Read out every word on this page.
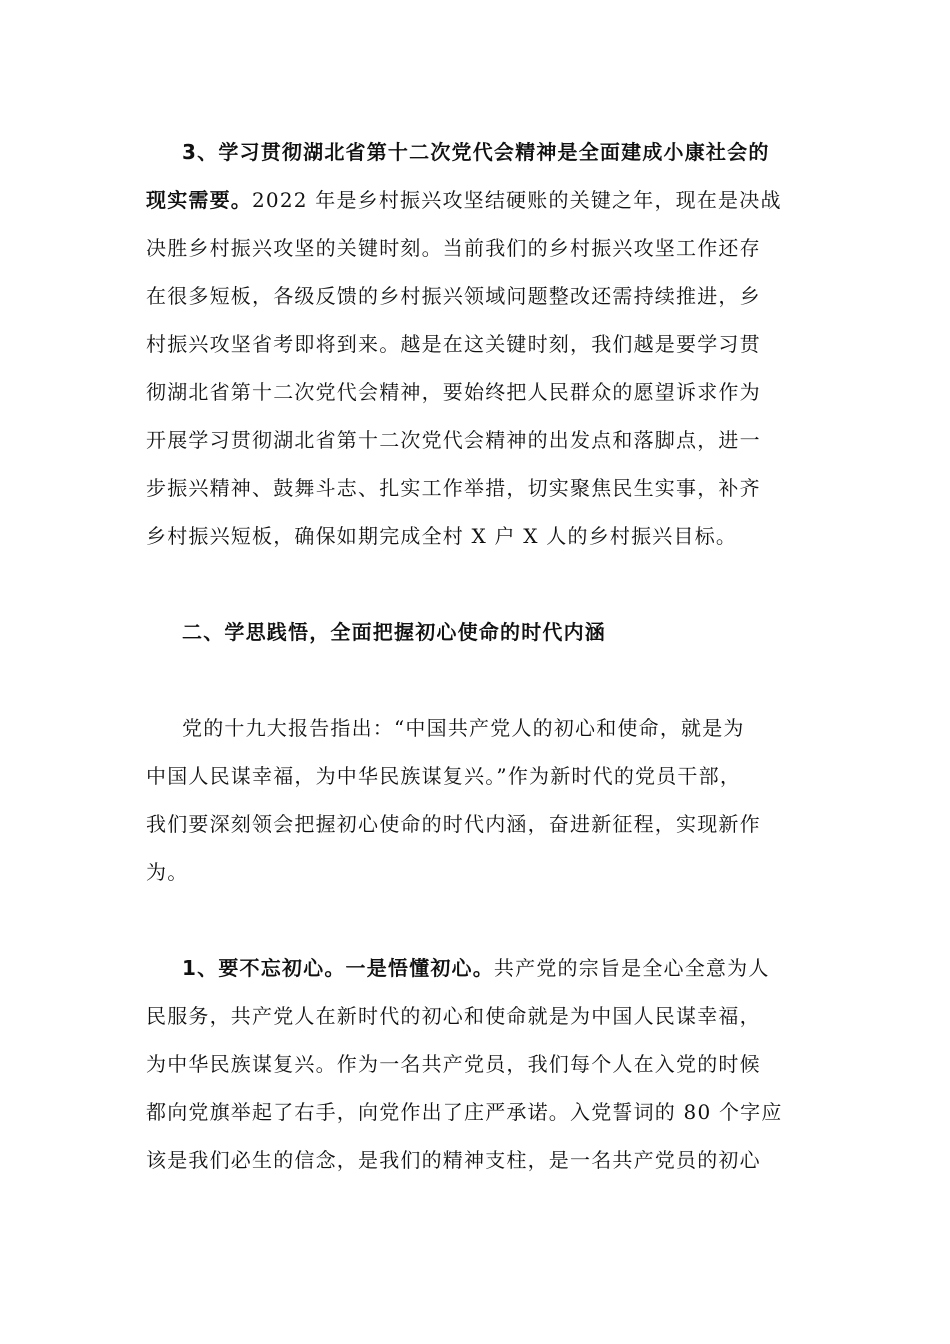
3、学习贯彻湖北省第十二次党代会精神是全面建成小康社会的
现实需要。2022 年是乡村振兴攻坚结硬账的关键之年，现在是决战
决胜乡村振兴攻坚的关键时刻。当前我们的乡村振兴攻坚工作还存
在很多短板，各级反馈的乡村振兴领域问题整改还需持续推进，乡
村振兴攻坚省考即将到来。越是在这关键时刻，我们越是要学习贯
彻湖北省第十二次党代会精神，要始终把人民群众的愿望诉求作为
开展学习贯彻湖北省第十二次党代会精神的出发点和落脚点，进一
步振兴精神、鼓舞斗志、扎实工作举措，切实聚焦民生实事，补齐
乡村振兴短板，确保如期完成全村 X 户 X 人的乡村振兴目标。
二、学思践悟，全面把握初心使命的时代内涵
党的十九大报告指出：“中国共产党人的初心和使命，就是为
中国人民谋幸福，为中华民族谋复兴。”作为新时代的党员干部，
我们要深刻领会把握初心使命的时代内涵，奋进新征程，实现新作
为。
1、要不忘初心。一是悟懂初心。共产党的宗旨是全心全意为人
民服务，共产党人在新时代的初心和使命就是为中国人民谋幸福，
为中华民族谋复兴。作为一名共产党员，我们每个人在入党的时候
都向党旗举起了右手，向党作出了庄严承诺。入党誓词的 80 个字应
该是我们必生的信念，是我们的精神支柱，是一名共产党员的初心
